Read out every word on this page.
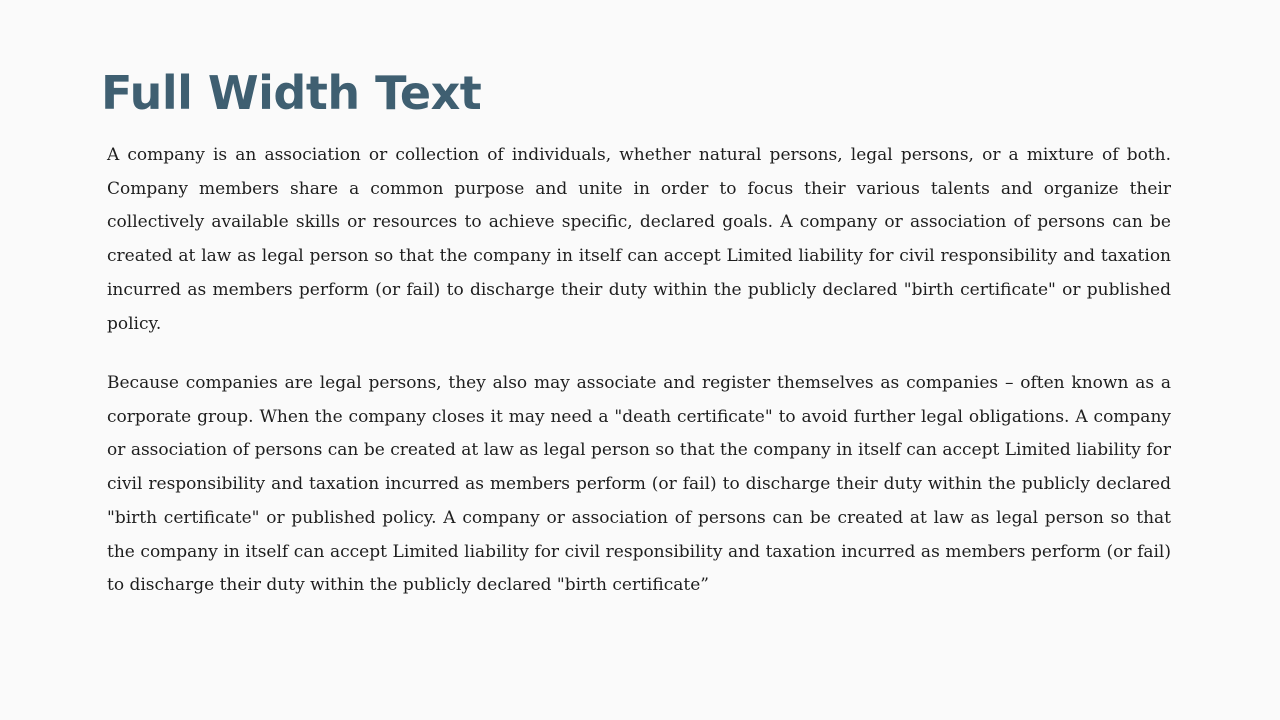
Full Width Text

A company is an association or collection of individuals, whether natural persons, legal persons, or a mixture of both. Company members share a common purpose and unite in order to focus their various talents and organize their collectively available skills or resources to achieve specific, declared goals. A company or association of persons can be created at law as legal person so that the company in itself can accept Limited liability for civil responsibility and taxation incurred as members perform (or fail) to discharge their duty within the publicly declared "birth certificate" or published policy.

Because companies are legal persons, they also may associate and register themselves as companies – often known as a corporate group. When the company closes it may need a "death certificate" to avoid further legal obligations. A company or association of persons can be created at law as legal person so that the company in itself can accept Limited liability for civil responsibility and taxation incurred as members perform (or fail) to discharge their duty within the publicly declared "birth certificate" or published policy. A company or association of persons can be created at law as legal person so that the company in itself can accept Limited liability for civil responsibility and taxation incurred as members perform (or fail) to discharge their duty within the publicly declared "birth certificate”
